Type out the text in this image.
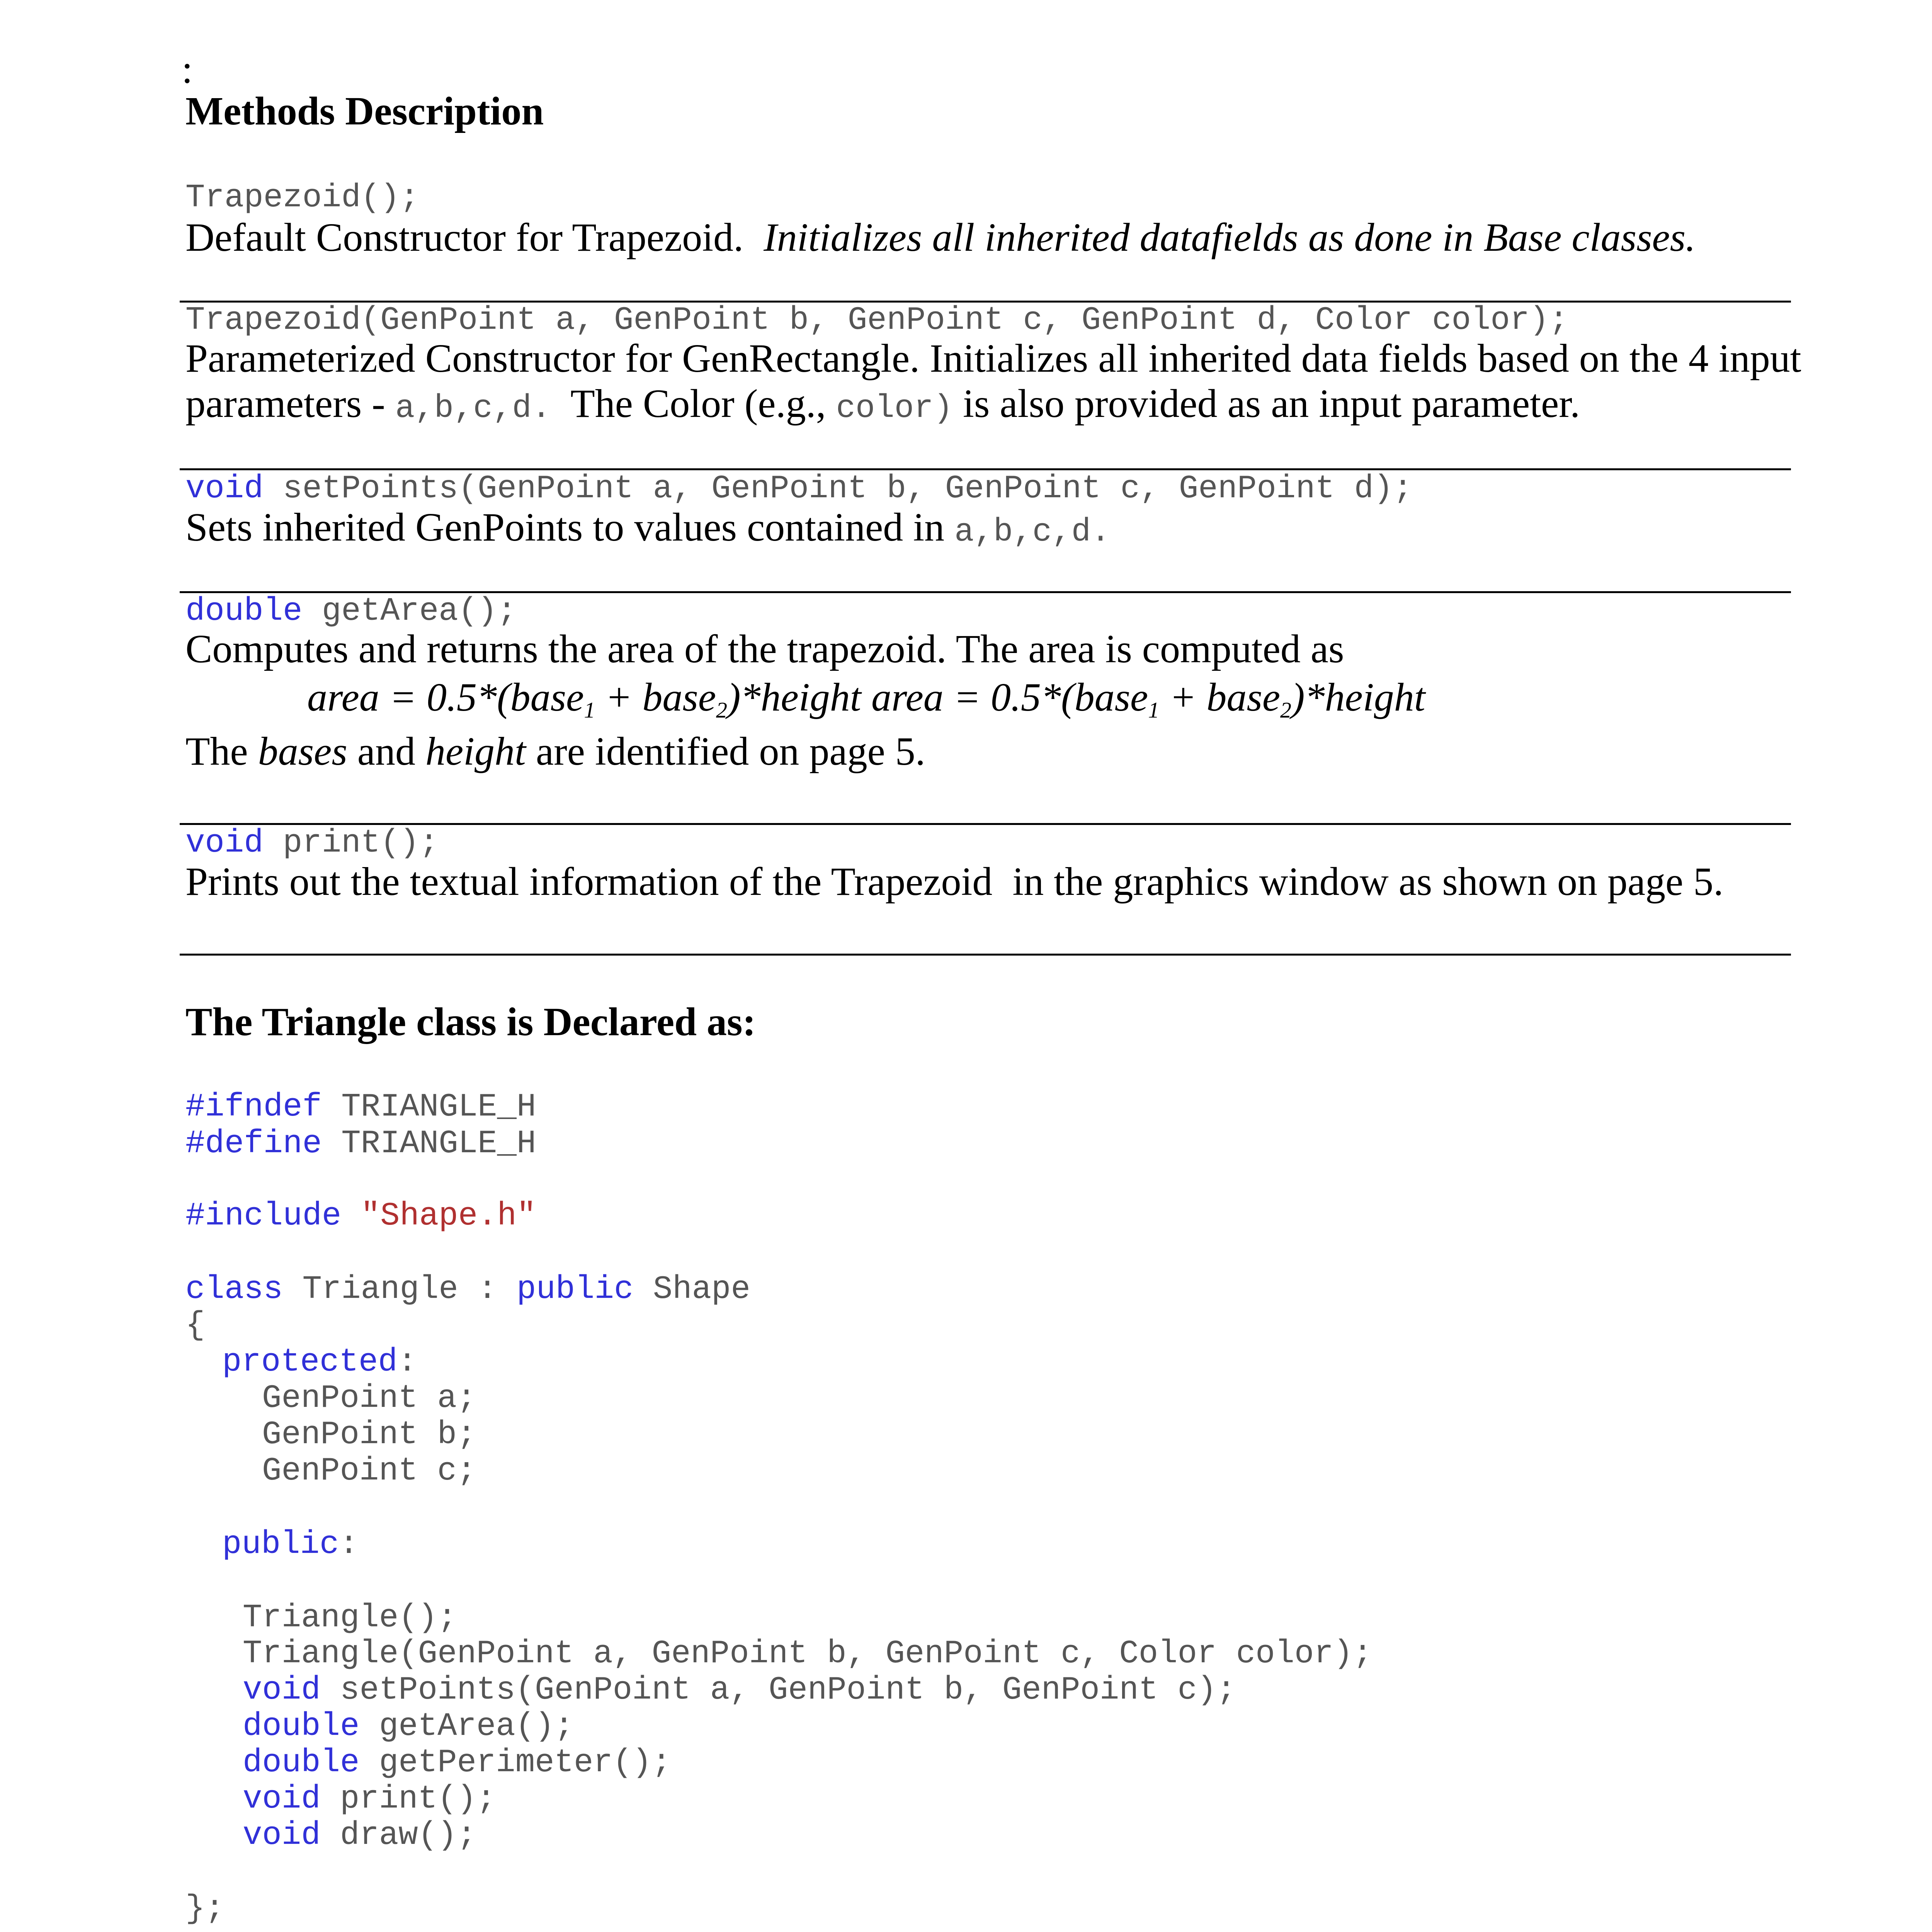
:
Methods Description
Trapezoid();
Default Constructor for Trapezoid.  Initializes all inherited datafields as done in Base classes.
Trapezoid(GenPoint a, GenPoint b, GenPoint c, GenPoint d, Color color);
Parameterized Constructor for GenRectangle. Initializes all inherited data fields based on the 4 input
parameters - a,b,c,d.  The Color (e.g., color) is also provided as an input parameter.
void setPoints(GenPoint a, GenPoint b, GenPoint c, GenPoint d);
Sets inherited GenPoints to values contained in a,b,c,d.
double getArea();
Computes and returns the area of the trapezoid. The area is computed as
area = 0.5*(base$_1$ + base$_2$)*height area = 0.5*(base$_1$ + base$_2$)*height
The bases and height are identified on page 5.
void print();
Prints out the textual information of the Trapezoid  in the graphics window as shown on page 5.
The Triangle class is Declared as:
#ifndef TRIANGLE_H
#define TRIANGLE_H
#include "Shape.h"
class Triangle : public Shape
{
protected:
GenPoint a;
GenPoint b;
GenPoint c;
public:
Triangle();
Triangle(GenPoint a, GenPoint b, GenPoint c, Color color);
void setPoints(GenPoint a, GenPoint b, GenPoint c);
double getArea();
double getPerimeter();
void print();
void draw();
};
